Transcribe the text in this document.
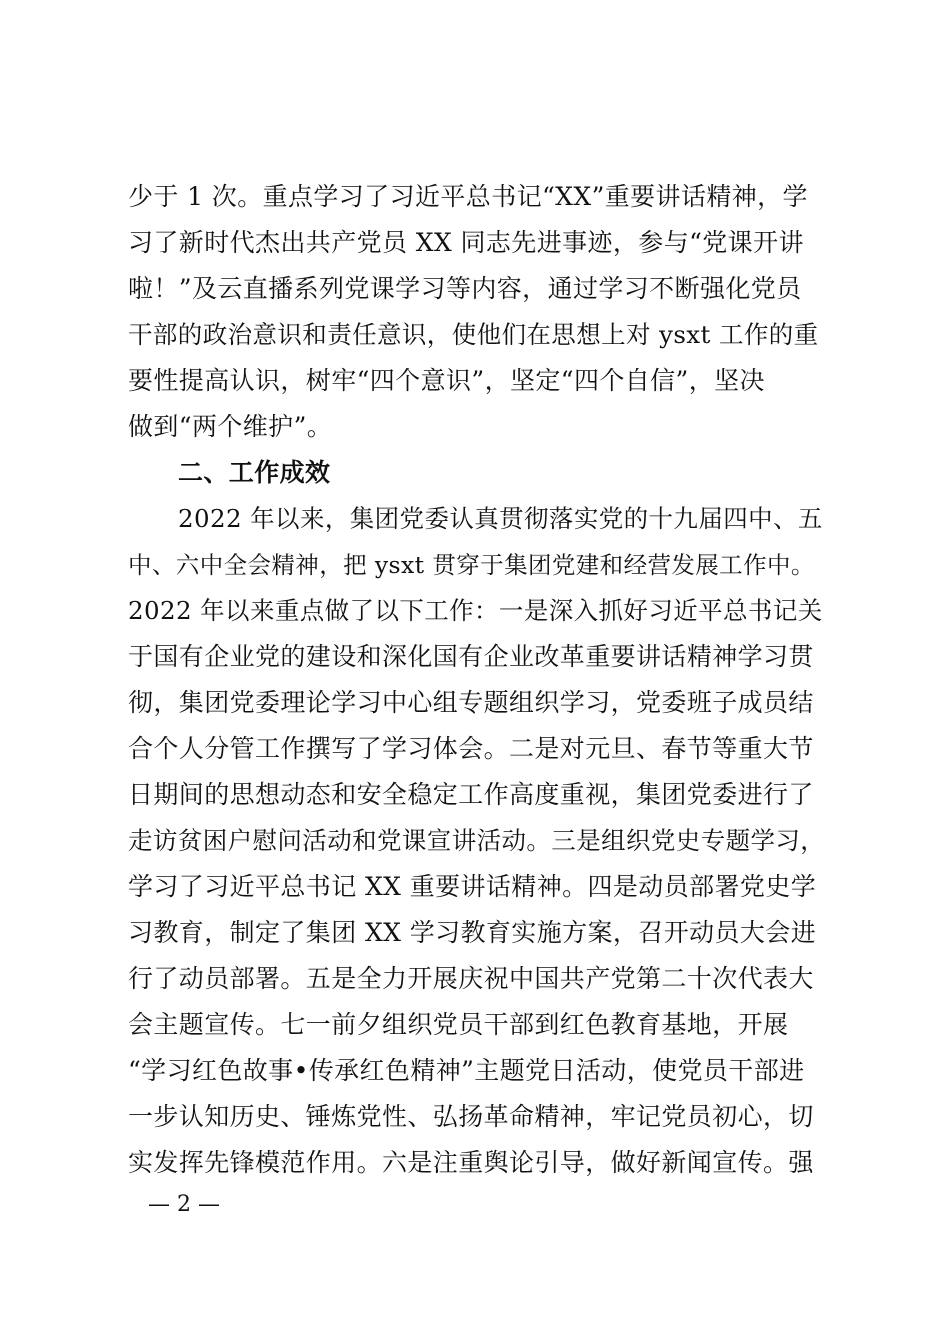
少于 1 次。重点学习了习近平总书记“XX”重要讲话精神，学
习了新时代杰出共产党员 XX 同志先进事迹，参与“党课开讲
啦！”及云直播系列党课学习等内容，通过学习不断强化党员
干部的政治意识和责任意识，使他们在思想上对 ysxt 工作的重
要性提高认识，树牢“四个意识”，坚定“四个自信”，坚决
做到“两个维护”。
二、工作成效
2022 年以来，集团党委认真贯彻落实党的十九届四中、五
中、六中全会精神，把 ysxt 贯穿于集团党建和经营发展工作中。
2022 年以来重点做了以下工作：一是深入抓好习近平总书记关
于国有企业党的建设和深化国有企业改革重要讲话精神学习贯
彻，集团党委理论学习中心组专题组织学习，党委班子成员结
合个人分管工作撰写了学习体会。二是对元旦、春节等重大节
日期间的思想动态和安全稳定工作高度重视，集团党委进行了
走访贫困户慰问活动和党课宣讲活动。三是组织党史专题学习，
学习了习近平总书记 XX 重要讲话精神。四是动员部署党史学
习教育，制定了集团 XX 学习教育实施方案，召开动员大会进
行了动员部署。五是全力开展庆祝中国共产党第二十次代表大
会主题宣传。七一前夕组织党员干部到红色教育基地，开展
“学习红色故事•传承红色精神”主题党日活动，使党员干部进
一步认知历史、锤炼党性、弘扬革命精神，牢记党员初心，切
实发挥先锋模范作用。六是注重舆论引导，做好新闻宣传。强
— 2 —
